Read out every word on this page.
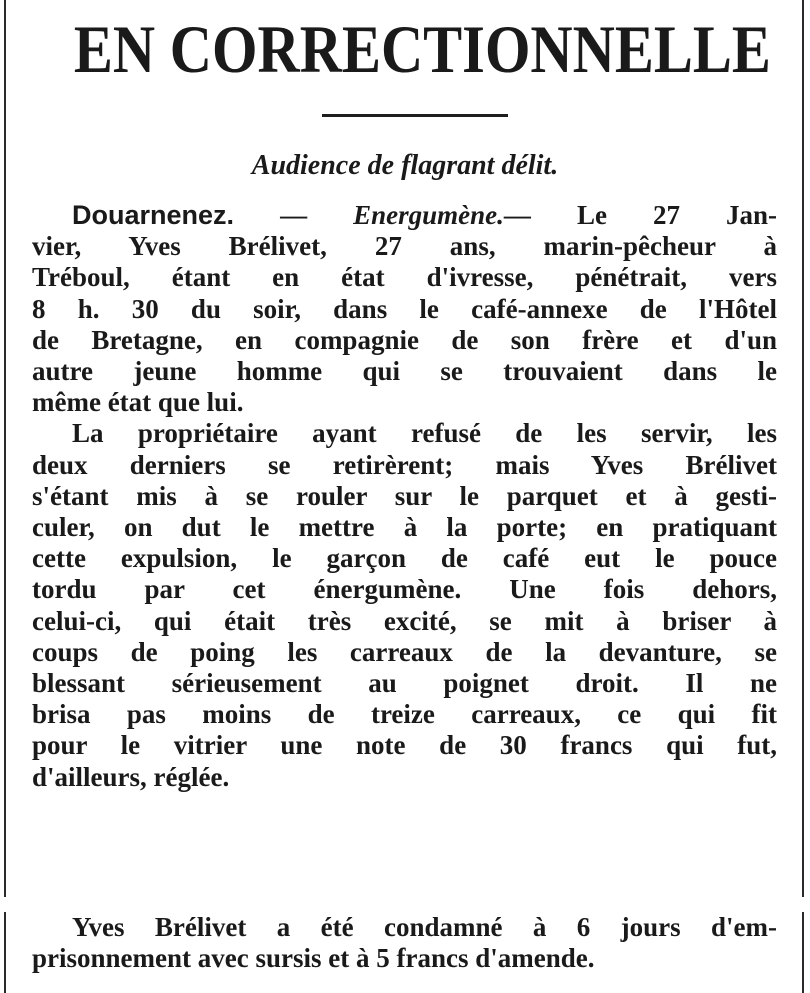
EN CORRECTIONNELLE
Audience de flagrant délit.
Douarnenez. — Energumène.— Le 27 Jan-
vier, Yves Brélivet, 27 ans, marin-pêcheur à
Tréboul, étant en état d'ivresse, pénétrait, vers
8 h. 30 du soir, dans le café-annexe de l'Hôtel
de Bretagne, en compagnie de son frère et d'un
autre jeune homme qui se trouvaient dans le
même état que lui.
La propriétaire ayant refusé de les servir, les
deux derniers se retirèrent; mais Yves Brélivet
s'étant mis à se rouler sur le parquet et à gesti-
culer, on dut le mettre à la porte; en pratiquant
cette expulsion, le garçon de café eut le pouce
tordu par cet énergumène. Une fois dehors,
celui-ci, qui était très excité, se mit à briser à
coups de poing les carreaux de la devanture, se
blessant sérieusement au poignet droit. Il ne
brisa pas moins de treize carreaux, ce qui fit
pour le vitrier une note de 30 francs qui fut,
d'ailleurs, réglée.
Yves Brélivet a été condamné à 6 jours d'em-
prisonnement avec sursis et à 5 francs d'amende.
